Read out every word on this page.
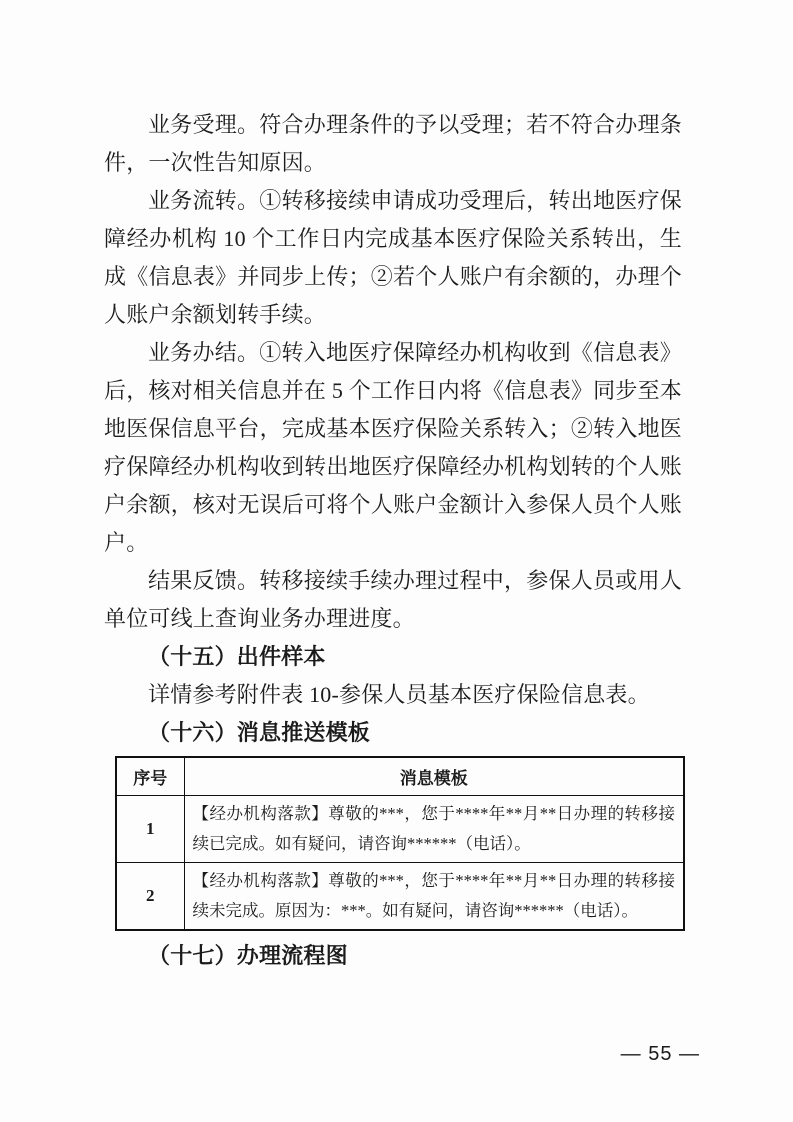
业务受理。符合办理条件的予以受理；若不符合办理条件，一次性告知原因。

业务流转。①转移接续申请成功受理后，转出地医疗保障经办机构 10 个工作日内完成基本医疗保险关系转出，生成《信息表》并同步上传；②若个人账户有余额的，办理个人账户余额划转手续。

业务办结。①转入地医疗保障经办机构收到《信息表》后，核对相关信息并在 5 个工作日内将《信息表》同步至本地医保信息平台，完成基本医疗保险关系转入；②转入地医疗保障经办机构收到转出地医疗保障经办机构划转的个人账户余额，核对无误后可将个人账户金额计入参保人员个人账户。

结果反馈。转移接续手续办理过程中，参保人员或用人单位可线上查询业务办理进度。

（十五）出件样本

详情参考附件表 10-参保人员基本医疗保险信息表。

（十六）消息推送模板
序号	消息模板
1	【经办机构落款】尊敬的***，您于****年**月**日办理的转移接续已完成。如有疑问，请咨询******（电话）。
2	【经办机构落款】尊敬的***，您于****年**月**日办理的转移接续未完成。原因为：***。如有疑问，请咨询******（电话）。
（十七）办理流程图
— 55 —
